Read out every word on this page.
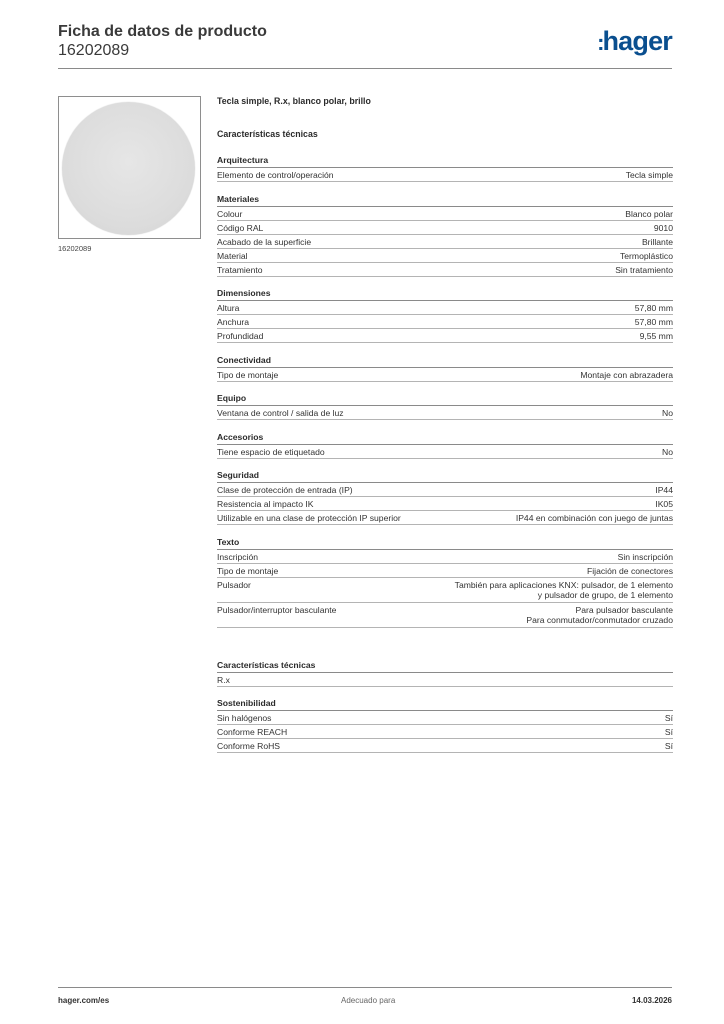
Ficha de datos de producto
16202089	:hager
16202089
Tecla simple, R.x, blanco polar, brillo
Características técnicas
Arquitectura
Elemento de control/operación	Tecla simple
Materiales
Colour	Blanco polar
Código RAL	9010
Acabado de la superficie	Brillante
Material	Termoplástico
Tratamiento	Sin tratamiento
Dimensiones
Altura	57,80 mm
Anchura	57,80 mm
Profundidad	9,55 mm
Conectividad
Tipo de montaje	Montaje con abrazadera
Equipo
Ventana de control / salida de luz	No
Accesorios
Tiene espacio de etiquetado	No
Seguridad
Clase de protección de entrada (IP)	IP44
Resistencia al impacto IK	IK05
Utilizable en una clase de protección IP superior	IP44 en combinación con juego de juntas
Texto
Inscripción	Sin inscripción
Tipo de montaje	Fijación de conectores
Pulsador	También para aplicaciones KNX: pulsador, de 1 elemento
y pulsador de grupo, de 1 elemento
Pulsador/interruptor basculante	Para pulsador basculante
Para conmutador/conmutador cruzado
Características técnicas
R.x
Sostenibilidad
Sin halógenos	Sí
Conforme REACH	Sí
Conforme RoHS	Sí
hager.com/es	Adecuado para	14.03.2026
